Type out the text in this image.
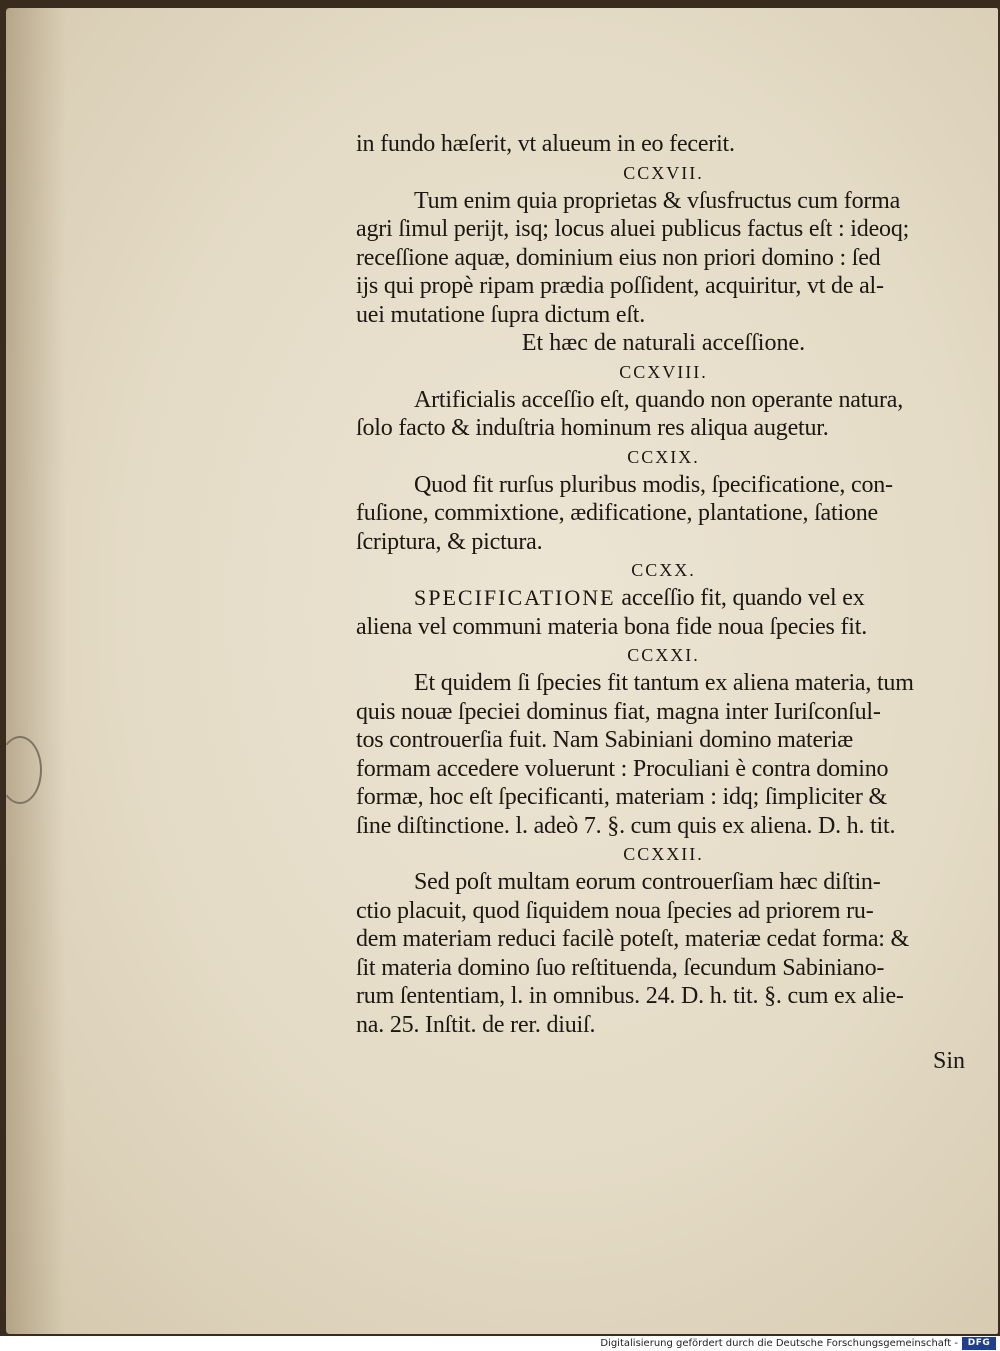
in fundo hæſerit, vt alueum in eo fecerit.
CCXVII.
Tum enim quia proprietas & vſusfructus cum forma
agri ſimul perijt, isq; locus aluei publicus factus eſt : ideoq;
receſſione aquæ, dominium eius non priori domino : ſed
ijs qui propè ripam prædia poſſident, acquiritur, vt de al-
uei mutatione ſupra dictum eſt.
Et hæc de naturali acceſſione.
CCXVIII.
Artificialis acceſſio eſt, quando non operante natura,
ſolo facto & induſtria hominum res aliqua augetur.
CCXIX.
Quod fit rurſus pluribus modis, ſpecificatione, con-
fuſione, commixtione, ædificatione, plantatione, ſatione
ſcriptura, & pictura.
CCXX.
SPECIFICATIONE acceſſio fit, quando vel ex
aliena vel communi materia bona fide noua ſpecies fit.
CCXXI.
Et quidem ſi ſpecies fit tantum ex aliena materia, tum
quis nouæ ſpeciei dominus fiat, magna inter Iuriſconſul-
tos controuerſia fuit. Nam Sabiniani domino materiæ
formam accedere voluerunt : Proculiani è contra domino
formæ, hoc eſt ſpecificanti, materiam : idq; ſimpliciter &
ſine diſtinctione. l. adeò 7. §. cum quis ex aliena. D. h. tit.
CCXXII.
Sed poſt multam eorum controuerſiam hæc diſtin-
ctio placuit, quod ſiquidem noua ſpecies ad priorem ru-
dem materiam reduci facilè poteſt, materiæ cedat forma: &
ſit materia domino ſuo reſtituenda, ſecundum Sabiniano-
rum ſententiam, l. in omnibus. 24. D. h. tit. §. cum ex alie-
na. 25. Inſtit. de rer. diuiſ.
Sin
Digitalisierung gefördert durch die Deutsche Forschungsgemeinschaft -	DFG
